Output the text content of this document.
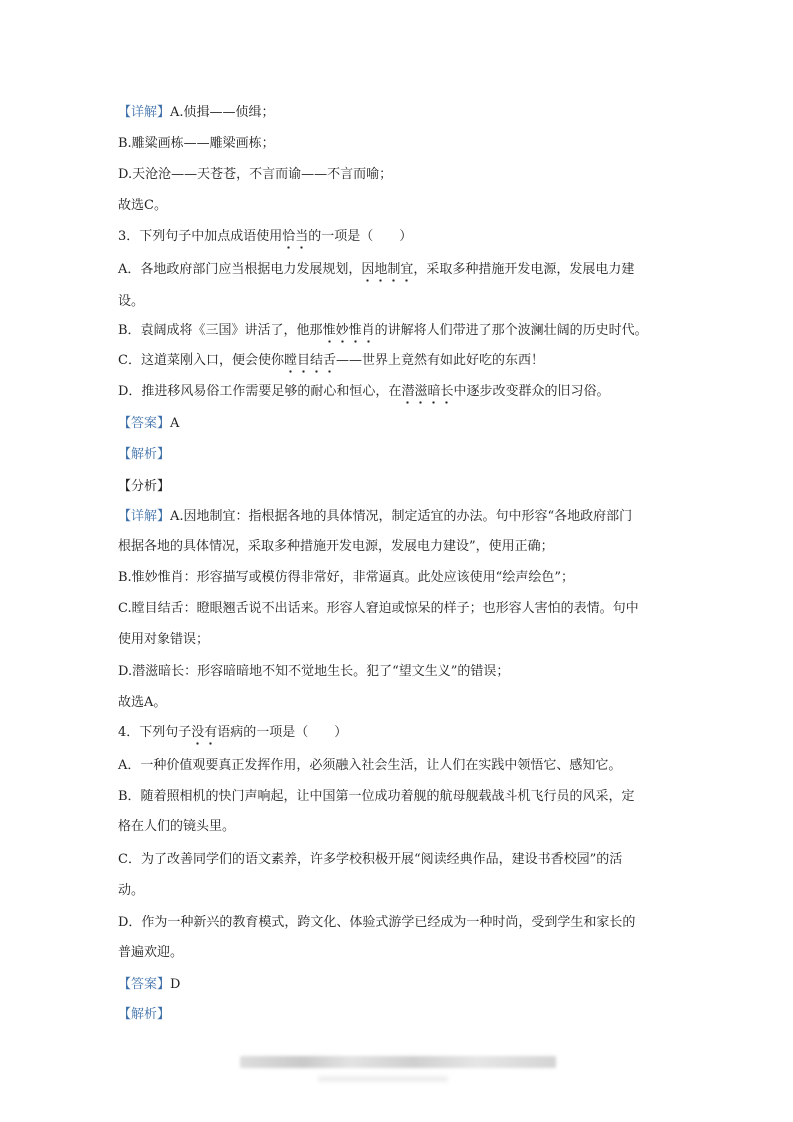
【详解】A.侦揖——侦缉；
B.雕粱画栋——雕梁画栋；
D.天沧沧——天苍苍，不言而谕——不言而喻；
故选C。
3．下列句子中加点成语使用恰当的一项是（　　）
A．各地政府部门应当根据电力发展规划，因地制宜，采取多种措施开发电源，发展电力建
设。
B．袁阔成将《三国》讲活了，他那惟妙惟肖的讲解将人们带进了那个波澜壮阔的历史时代。
C．这道菜刚入口，便会使你瞠目结舌——世界上竟然有如此好吃的东西！
D．推进移风易俗工作需要足够的耐心和恒心，在潜滋暗长中逐步改变群众的旧习俗。
【答案】A
【解析】
【分析】
【详解】A.因地制宜：指根据各地的具体情况，制定适宜的办法。句中形容“各地政府部门
根据各地的具体情况，采取多种措施开发电源，发展电力建设”，使用正确；
B.惟妙惟肖：形容描写或模仿得非常好，非常逼真。此处应该使用“绘声绘色”；
C.瞠目结舌：瞪眼翘舌说不出话来。形容人窘迫或惊呆的样子；也形容人害怕的表情。句中
使用对象错误；
D.潜滋暗长：形容暗暗地不知不觉地生长。犯了“望文生义”的错误；
故选A。
4．下列句子没有语病的一项是（　　）
A．一种价值观要真正发挥作用，必须融入社会生活，让人们在实践中领悟它、感知它。
B．随着照相机的快门声响起，让中国第一位成功着舰的航母舰载战斗机飞行员的风采，定
格在人们的镜头里。
C．为了改善同学们的语文素养，许多学校积极开展“阅读经典作品，建设书香校园”的活
动。
D．作为一种新兴的教育模式，跨文化、体验式游学已经成为一种时尚，受到学生和家长的
普遍欢迎。
【答案】D
【解析】
